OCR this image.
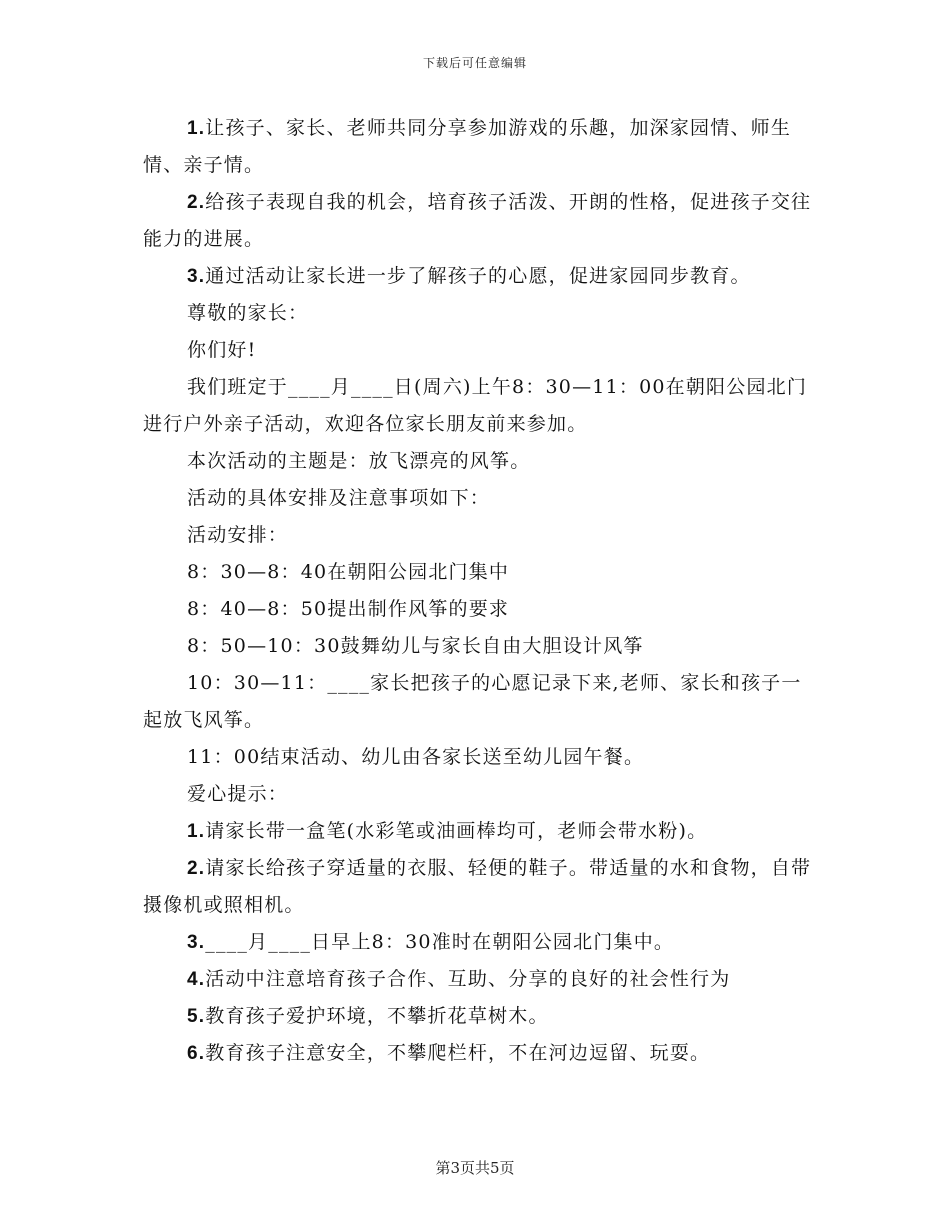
下载后可任意编辑

1.让孩子、家长、老师共同分享参加游戏的乐趣，加深家园情、师生情、亲子情。

2.给孩子表现自我的机会，培育孩子活泼、开朗的性格，促进孩子交往能力的进展。

3.通过活动让家长进一步了解孩子的心愿，促进家园同步教育。

尊敬的家长：

你们好!

我们班定于____月____日(周六)上午8：30—11：00在朝阳公园北门进行户外亲子活动，欢迎各位家长朋友前来参加。

本次活动的主题是：放飞漂亮的风筝。

活动的具体安排及注意事项如下：

活动安排：

8：30—8：40在朝阳公园北门集中

8：40—8：50提出制作风筝的要求

8：50—10：30鼓舞幼儿与家长自由大胆设计风筝

10：30—11：____家长把孩子的心愿记录下来,老师、家长和孩子一起放飞风筝。

11：00结束活动、幼儿由各家长送至幼儿园午餐。

爱心提示：

1.请家长带一盒笔(水彩笔或油画棒均可，老师会带水粉)。

2.请家长给孩子穿适量的衣服、轻便的鞋子。带适量的水和食物，自带摄像机或照相机。

3.____月____日早上8：30准时在朝阳公园北门集中。

4.活动中注意培育孩子合作、互助、分享的良好的社会性行为

5.教育孩子爱护环境，不攀折花草树木。

6.教育孩子注意安全，不攀爬栏杆，不在河边逗留、玩耍。

第3页共5页
